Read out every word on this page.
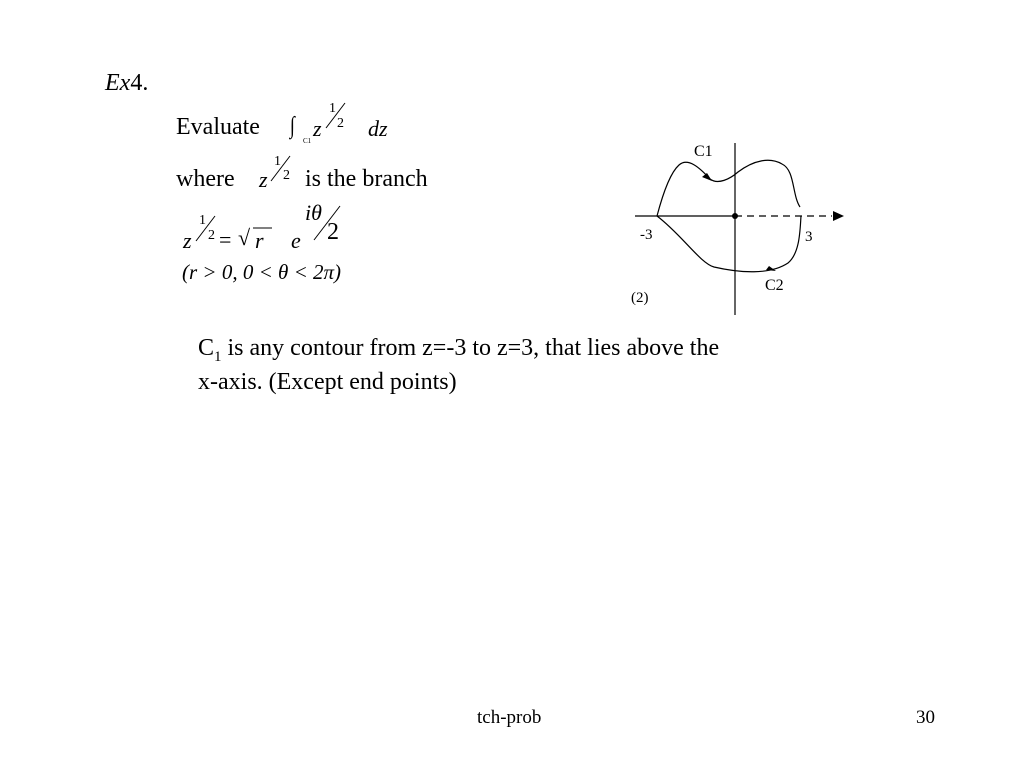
Ex4.
Evaluate ∫
C1 z
1
2 dz
where z
1
2 is the branch
z
1
2 = √ r e
iθ
2
(r > 0, 0 < θ < 2π)
C1
C2
-3	3
(2)
$C_1$ is any contour from z=-3 to z=3, that lies above the
x-axis. (Except end points)
tch-prob	30
